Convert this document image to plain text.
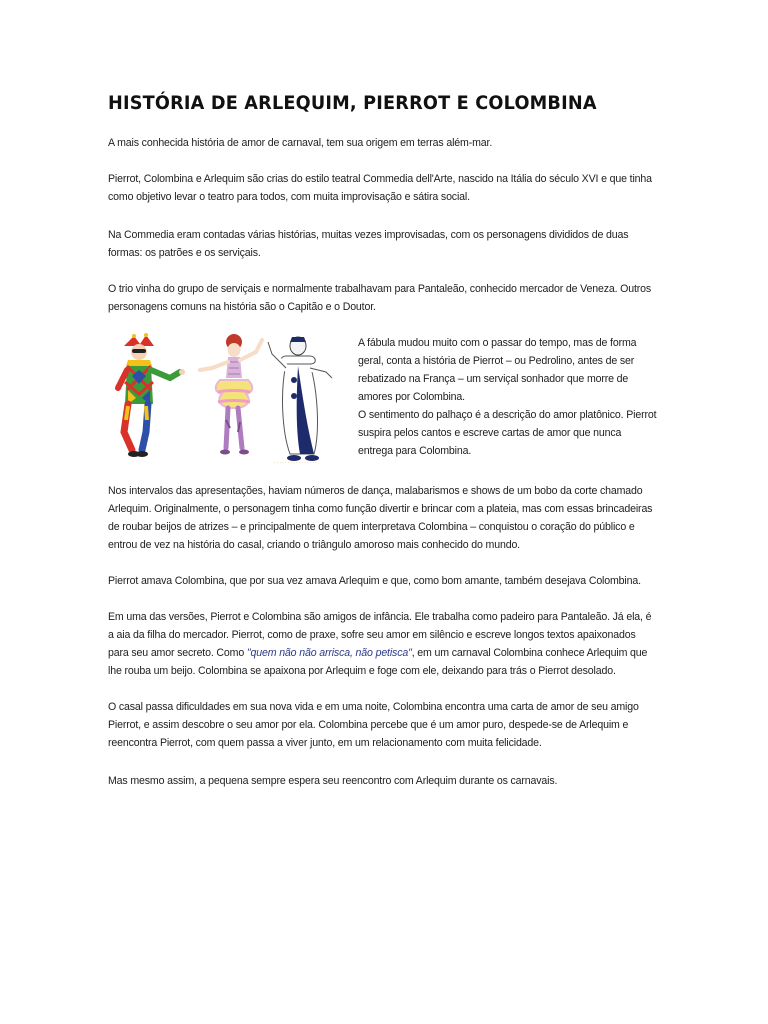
HISTÓRIA DE ARLEQUIM, PIERROT E COLOMBINA

A mais conhecida história de amor de carnaval, tem sua origem em terras além-mar.

Pierrot, Colombina e Arlequim são crias do estilo teatral Commedia dell'Arte, nascido na Itália do século XVI e que tinha como objetivo levar o teatro para todos, com muita improvisação e sátira social.

Na Commedia eram contadas várias histórias, muitas vezes improvisadas, com os personagens divididos de duas formas: os patrões e os serviçais.

O trio vinha do grupo de serviçais e normalmente trabalhavam para Pantaleão, conhecido mercador de Veneza. Outros personagens comuns na história são o Capitão e o Doutor.

· · · · · · · · · · · · · · · ·

A fábula mudou muito com o passar do tempo, mas de forma geral, conta a história de Pierrot – ou Pedrolino, antes de ser rebatizado na França – um serviçal sonhador que morre de amores por Colombina.

O sentimento do palhaço é a descrição do amor platônico. Pierrot suspira pelos cantos e escreve cartas de amor que nunca entrega para Colombina.

Nos intervalos das apresentações, haviam números de dança, malabarismos e shows de um bobo da corte chamado Arlequim. Originalmente, o personagem tinha como função divertir e brincar com a plateia, mas com essas brincadeiras de roubar beijos de atrizes – e principalmente de quem interpretava Colombina – conquistou o coração do público e entrou de vez na história do casal, criando o triângulo amoroso mais conhecido do mundo.

Pierrot amava Colombina, que por sua vez amava Arlequim e que, como bom amante, também desejava Colombina.

Em uma das versões, Pierrot e Colombina são amigos de infância. Ele trabalha como padeiro para Pantaleão. Já ela, é a aia da filha do mercador. Pierrot, como de praxe, sofre seu amor em silêncio e escreve longos textos apaixonados para seu amor secreto. Como "quem não não arrisca, não petisca", em um carnaval Colombina conhece Arlequim que lhe rouba um beijo. Colombina se apaixona por Arlequim e foge com ele, deixando para trás o Pierrot desolado.

O casal passa dificuldades em sua nova vida e em uma noite, Colombina encontra uma carta de amor de seu amigo Pierrot, e assim descobre o seu amor por ela. Colombina percebe que é um amor puro, despede-se de Arlequim e reencontra Pierrot, com quem passa a viver junto, em um relacionamento com muita felicidade.

Mas mesmo assim, a pequena sempre espera seu reencontro com Arlequim durante os carnavais.
